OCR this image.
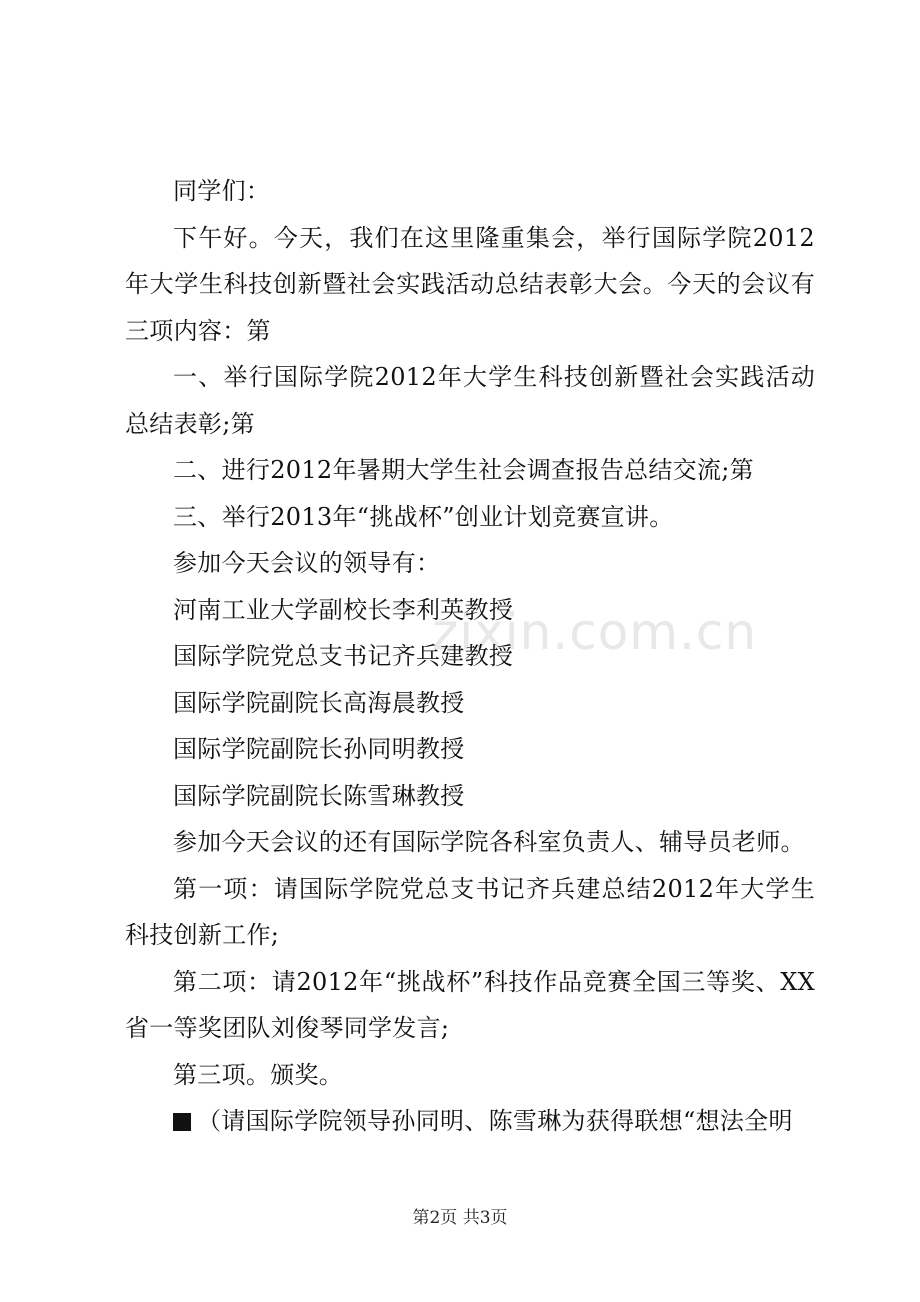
zixin.com.cn

同学们：

下午好。今天，我们在这里隆重集会，举行国际学院2012年大学生科技创新暨社会实践活动总结表彰大会。今天的会议有三项内容：第

一、举行国际学院2012年大学生科技创新暨社会实践活动总结表彰;第

二、进行2012年暑期大学生社会调查报告总结交流;第

三、举行2013年“挑战杯”创业计划竞赛宣讲。

参加今天会议的领导有：

河南工业大学副校长李利英教授

国际学院党总支书记齐兵建教授

国际学院副院长高海晨教授

国际学院副院长孙同明教授

国际学院副院长陈雪琳教授

参加今天会议的还有国际学院各科室负责人、辅导员老师。

第一项：请国际学院党总支书记齐兵建总结2012年大学生科技创新工作;

第二项：请2012年“挑战杯”科技作品竞赛全国三等奖、XX省一等奖团队刘俊琴同学发言;

第三项。颁奖。

（请国际学院领导孙同明、陈雪琳为获得联想“想法全明

第2页 共3页
